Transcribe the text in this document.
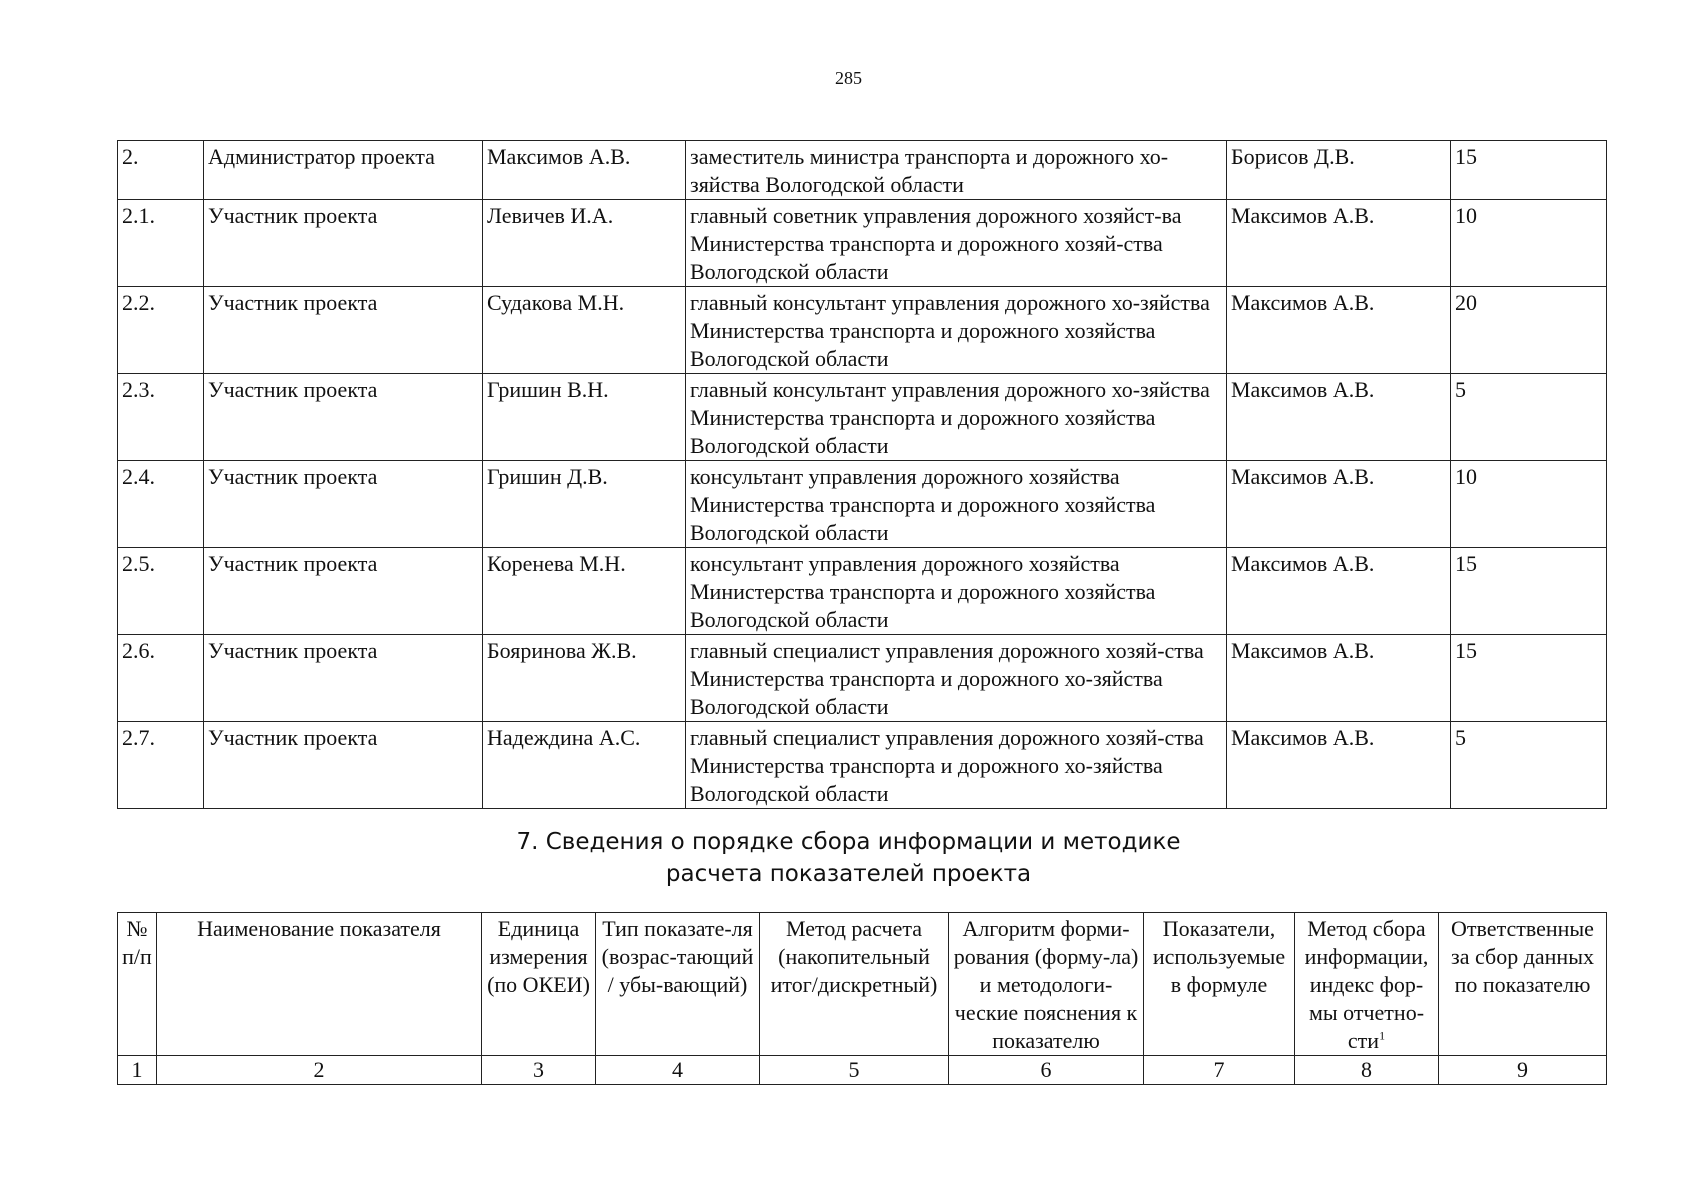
285
2.	Администратор проекта	Максимов А.В.	заместитель министра транспорта и дорожного хо-зяйства Вологодской области	Борисов Д.В.	15
2.1.	Участник проекта	Левичев И.А.	главный советник управления дорожного хозяйст-ва Министерства транспорта и дорожного хозяй-ства Вологодской области	Максимов А.В.	10
2.2.	Участник проекта	Судакова М.Н.	главный консультант управления дорожного хо-зяйства Министерства транспорта и дорожного хозяйства Вологодской области	Максимов А.В.	20
2.3.	Участник проекта	Гришин В.Н.	главный консультант управления дорожного хо-зяйства Министерства транспорта и дорожного хозяйства Вологодской области	Максимов А.В.	5
2.4.	Участник проекта	Гришин Д.В.	консультант управления дорожного хозяйства Министерства транспорта и дорожного хозяйства Вологодской области	Максимов А.В.	10
2.5.	Участник проекта	Коренева М.Н.	консультант управления дорожного хозяйства Министерства транспорта и дорожного хозяйства Вологодской области	Максимов А.В.	15
2.6.	Участник проекта	Бояринова Ж.В.	главный специалист управления дорожного хозяй-ства Министерства транспорта и дорожного хо-зяйства Вологодской области	Максимов А.В.	15
2.7.	Участник проекта	Надеждина А.С.	главный специалист управления дорожного хозяй-ства Министерства транспорта и дорожного хо-зяйства Вологодской области	Максимов А.В.	5
7. Сведения о порядке сбора информации и методике
расчета показателей проекта
№ п/п	Наименование показателя	Единица измерения (по ОКЕИ)	Тип показате-ля (возрас-тающий / убы-вающий)	Метод расчета (накопительный итог/дискретный)	Алгоритм форми-рования (форму-ла) и методологи-ческие пояснения к показателю	Показатели, используемые в формуле	Метод сбора информации, индекс фор-мы отчетно-сти$^1$	Ответственные за сбор данных по показателю
1	2	3	4	5	6	7	8	9
